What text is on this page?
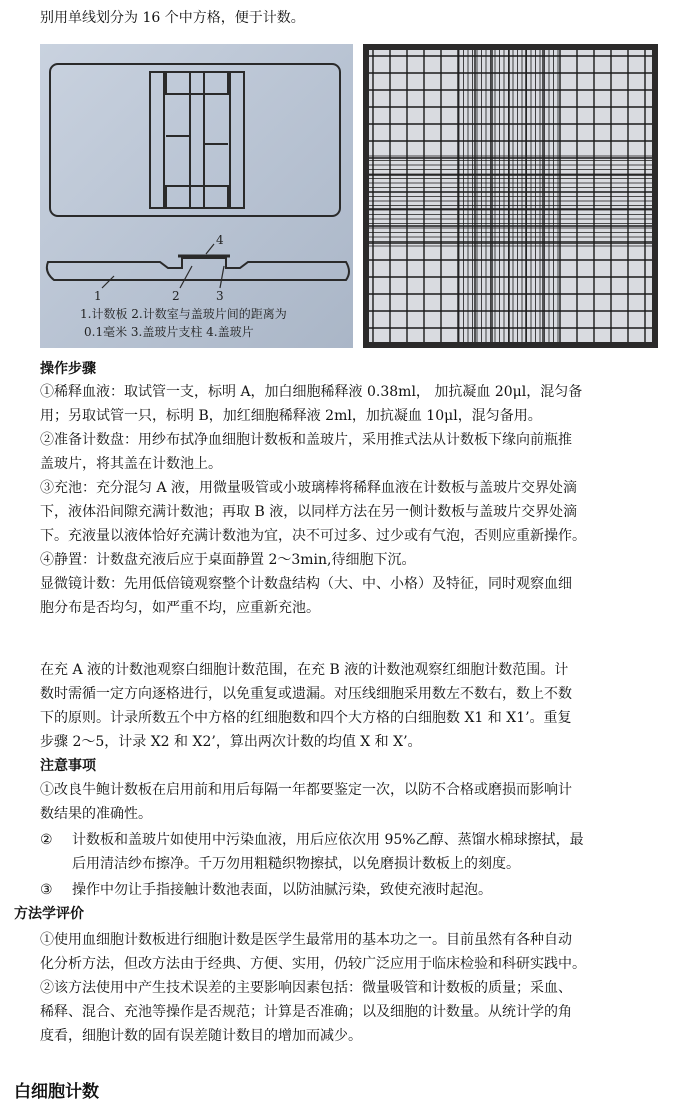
别用单线划分为 16 个中方格，便于计数。
1	2	3
4
1.计数板 2.计数室与盖玻片间的距离为
0.1毫米 3.盖玻片支柱 4.盖玻片
操作步骤
①稀释血液：取试管一支，标明 A，加白细胞稀释液 0.38ml， 加抗凝血 20μl，混匀备
用；另取试管一只，标明 B，加红细胞稀释液 2ml，加抗凝血 10μl，混匀备用。
②准备计数盘：用纱布拭净血细胞计数板和盖玻片，采用推式法从计数板下缘向前瓶推
盖玻片，将其盖在计数池上。
③充池：充分混匀 A 液，用微量吸管或小玻璃棒将稀释血液在计数板与盖玻片交界处滴
下，液体沿间隙充满计数池；再取 B 液，以同样方法在另一侧计数板与盖玻片交界处滴
下。充液量以液体恰好充满计数池为宜，决不可过多、过少或有气泡，否则应重新操作。
④静置：计数盘充液后应于桌面静置 2～3min,待细胞下沉。
显微镜计数：先用低倍镜观察整个计数盘结构（大、中、小格）及特征，同时观察血细
胞分布是否均匀，如严重不均，应重新充池。
在充 A 液的计数池观察白细胞计数范围，在充 B 液的计数池观察红细胞计数范围。计
数时需循一定方向逐格进行，以免重复或遗漏。对压线细胞采用数左不数右，数上不数
下的原则。计录所数五个中方格的红细胞数和四个大方格的白细胞数 X1 和 X1’。重复
步骤 2～5，计录 X2 和 X2’，算出两次计数的均值 X 和 X’。
注意事项
①改良牛鲍计数板在启用前和用后每隔一年都要鉴定一次，以防不合格或磨损而影响计
数结果的准确性。
② 计数板和盖玻片如使用中污染血液，用后应依次用 95%乙醇、蒸馏水棉球擦拭，最
后用清洁纱布擦净。千万勿用粗糙织物擦拭，以免磨损计数板上的刻度。
③ 操作中勿让手指接触计数池表面，以防油腻污染，致使充液时起泡。
方法学评价
①使用血细胞计数板进行细胞计数是医学生最常用的基本功之一。目前虽然有各种自动
化分析方法，但改方法由于经典、方便、实用，仍较广泛应用于临床检验和科研实践中。
②该方法使用中产生技术误差的主要影响因素包括：微量吸管和计数板的质量；采血、
稀释、混合、充池等操作是否规范；计算是否准确；以及细胞的计数量。从统计学的角
度看，细胞计数的固有误差随计数目的增加而减少。
白细胞计数
